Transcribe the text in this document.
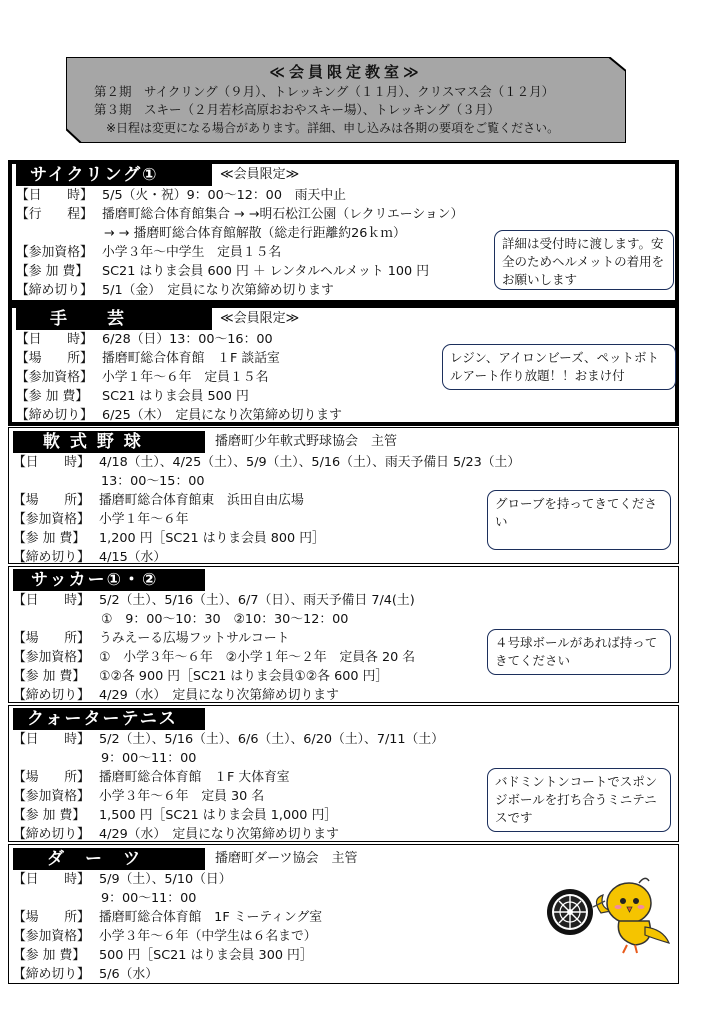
≪会員限定教室≫
第２期　サイクリング（９月）、トレッキング（１１月）、クリスマス会（１２月）
第３期　スキー（２月若杉高原おおやスキー場）、トレッキング（３月）
※日程は変更になる場合があります。詳細、申し込みは各期の要項をご覧ください。
サイクリング①	≪会員限定≫
【日　　時】 5/5（火・祝）9：00～12：00　雨天中止
【行　　程】 播磨町総合体育館集合 → →明石松江公園（レクリエーション）
→ → 播磨町総合体育館解散（総走行距離約26ｋｍ）
【参加資格】 小学３年～中学生　定員１５名
【参 加 費】 SC21 はりま会員 600 円 ＋ レンタルヘルメット 100 円
【締め切り】 5/1（金）　定員になり次第締め切ります
詳細は受付時に渡します。安全のためヘルメットの着用をお願いします
手　　芸	≪会員限定≫
【日　　時】 6/28（日）13：00～16：00
【場　　所】 播磨町総合体育館　１F 談話室
【参加資格】 小学１年～６年　定員１５名
【参 加 費】 SC21 はりま会員 500 円
【締め切り】 6/25（木）　定員になり次第締め切ります
レジン、アイロンビーズ、ペットボトルアート作り放題！！おまけ付
軟 式 野 球	播磨町少年軟式野球協会　主管
【日　　時】 4/18（土）、4/25（土）、5/9（土）、5/16（土）、雨天予備日 5/23（土）
13：00～15：00
【場　　所】 播磨町総合体育館東　浜田自由広場
【参加資格】 小学１年～６年
【参 加 費】 1,200 円［SC21 はりま会員 800 円］
【締め切り】 4/15（水）
グローブを持ってきてください
サッカー①・②
【日　　時】 5/2（土）、5/16（土）、6/7（日）、雨天予備日 7/4(土)
①　9：00～10：30　②10：30～12：00
【場　　所】 うみえーる広場フットサルコート
【参加資格】 ①　小学３年～６年　②小学１年～２年　定員各 20 名
【参 加 費】 ①②各 900 円［SC21 はりま会員①②各 600 円］
【締め切り】 4/29（水）　定員になり次第締め切ります
４号球ボールがあれば持ってきてください
クォーターテニス
【日　　時】 5/2（土）、5/16（土）、6/6（土）、6/20（土）、7/11（土）
9：00～11：00
【場　　所】 播磨町総合体育館　１F 大体育室
【参加資格】 小学３年～６年　定員 30 名
【参 加 費】 1,500 円［SC21 はりま会員 1,000 円］
【締め切り】 4/29（水）　定員になり次第締め切ります
バドミントンコートでスポンジボールを打ち合うミニテニスです
ダ　ー　ツ	播磨町ダーツ協会　主管
【日　　時】 5/9（土）、5/10（日）
9：00～11：00
【場　　所】 播磨町総合体育館　1F ミーティング室
【参加資格】 小学３年～６年（中学生は６名まで）
【参 加 費】 500 円［SC21 はりま会員 300 円］
【締め切り】 5/6（水）
